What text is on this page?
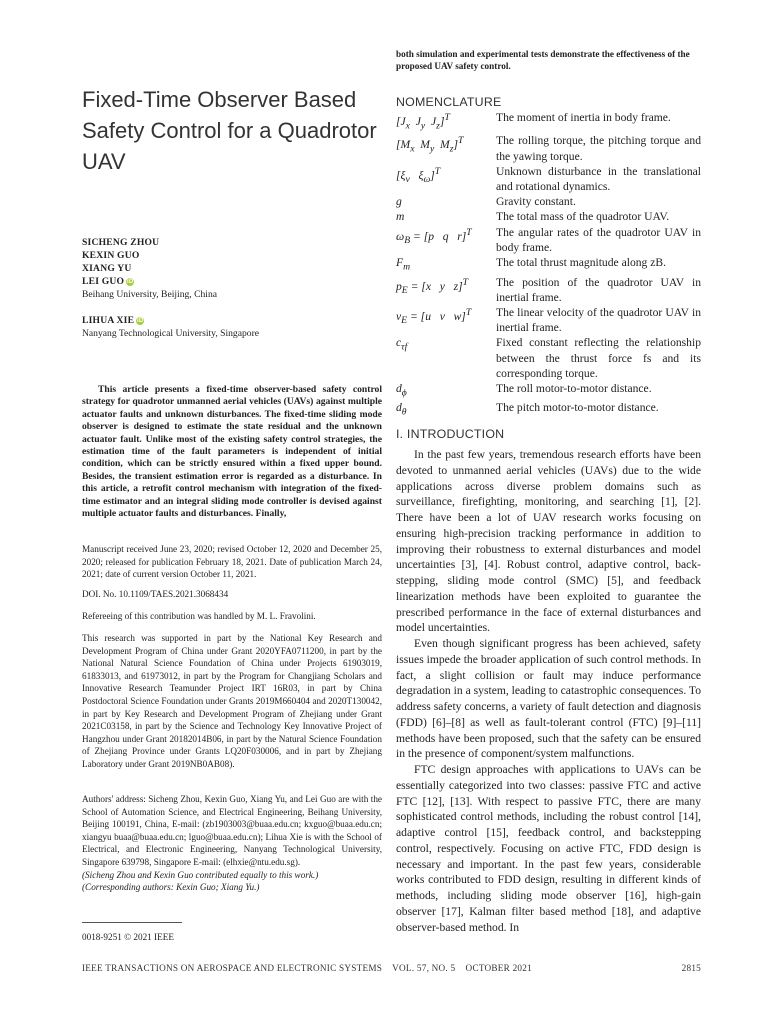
both simulation and experimental tests demonstrate the effectiveness of the proposed UAV safety control.
Fixed-Time Observer Based
Safety Control for a Quadrotor
UAV
SICHENG ZHOU
KEXIN GUO
XIANG YU
LEI GUO iD
Beihang University, Beijing, China
LIHUA XIE iD
Nanyang Technological University, Singapore

This article presents a fixed-time observer-based safety control strategy for quadrotor unmanned aerial vehicles (UAVs) against multiple actuator faults and unknown disturbances. The fixed-time sliding mode observer is designed to estimate the state residual and the unknown actuator fault. Unlike most of the existing safety control strategies, the estimation time of the fault parameters is independent of initial condition, which can be strictly ensured within a fixed upper bound. Besides, the transient estimation error is regarded as a disturbance. In this article, a retrofit control mechanism with integration of the fixed-time estimator and an integral sliding mode controller is devised against multiple actuator faults and disturbances. Finally,

Manuscript received June 23, 2020; revised October 12, 2020 and December 25, 2020; released for publication February 18, 2021. Date of publication March 24, 2021; date of current version October 11, 2021.

DOI. No. 10.1109/TAES.2021.3068434

Refereeing of this contribution was handled by M. L. Fravolini.

This research was supported in part by the National Key Research and Development Program of China under Grant 2020YFA0711200, in part by the National Natural Science Foundation of China under Projects 61903019, 61833013, and 61973012, in part by the Program for Changjiang Scholars and Innovative Research Teamunder Project IRT 16R03, in part by China Postdoctoral Science Foundation under Grants 2019M660404 and 2020T130042, in part by Key Research and Development Program of Zhejiang under Grant 2021C03158, in part by the Science and Technology Key Innovative Project of Hangzhou under Grant 20182014B06, in part by the Natural Science Foundation of Zhejiang Province under Grants LQ20F030006, and in part by Zhejiang Laboratory under Grant 2019NB0AB08).

Authors' address: Sicheng Zhou, Kexin Guo, Xiang Yu, and Lei Guo are with the School of Automation Science, and Electrical Engineering, Beihang University, Beijing 100191, China, E-mail: (zb1903003@buaa.edu.cn; kxguo@buaa.edu.cn; xiangyu buaa@buaa.edu.cn; lguo@buaa.edu.cn); Lihua Xie is with the School of Electrical, and Electronic Engineering, Nanyang Technological University, Singapore 639798, Singapore E-mail: (elhxie@ntu.edu.sg).

(Sicheng Zhou and Kexin Guo contributed equally to this work.)

(Corresponding authors: Kexin Guo; Xiang Yu.)

0018-9251 © 2021 IEEE

NOMENCLATURE
[$J_x$ $J_y$ $J_z]^T$	The moment of inertia in body frame.
[$M_x$ $M_y$ $M_z]^T$	The rolling torque, the pitching torque and the yawing torque.
[$\xi_v$   $\xi_\omega]^T$	Unknown disturbance in the translational and rotational dynamics.
g	Gravity constant.
m	The total mass of the quadrotor UAV.
$\omega_B = [p$ q r]$^T$	The angular rates of the quadrotor UAV in body frame.
$F_m$	The total thrust magnitude along zB.
$p_E = [x$ y z]$^T$	The position of the quadrotor UAV in inertial frame.
$v_E = [u$ v w]$^T$	The linear velocity of the quadrotor UAV in inertial frame.
$c_{\tau f}$	Fixed constant reflecting the relationship between the thrust force fs and its corresponding torque.
$d_\phi$	The roll motor-to-motor distance.
$d_\theta$	The pitch motor-to-motor distance.
I. INTRODUCTION

In the past few years, tremendous research efforts have been devoted to unmanned aerial vehicles (UAVs) due to the wide applications across diverse problem domains such as surveillance, firefighting, monitoring, and searching [1], [2]. There have been a lot of UAV research works focusing on ensuring high-precision tracking performance in addition to improving their robustness to external disturbances and model uncertainties [3], [4]. Robust control, adaptive control, back-stepping, sliding mode control (SMC) [5], and feedback linearization methods have been exploited to guarantee the prescribed performance in the face of external disturbances and model uncertainties.

Even though significant progress has been achieved, safety issues impede the broader application of such control methods. In fact, a slight collision or fault may induce performance degradation in a system, leading to catastrophic consequences. To address safety concerns, a variety of fault detection and diagnosis (FDD) [6]–[8] as well as fault-tolerant control (FTC) [9]–[11] methods have been proposed, such that the safety can be ensured in the presence of component/system malfunctions.

FTC design approaches with applications to UAVs can be essentially categorized into two classes: passive FTC and active FTC [12], [13]. With respect to passive FTC, there are many sophisticated control methods, including the robust control [14], adaptive control [15], feedback control, and backstepping control, respectively. Focusing on active FTC, FDD design is necessary and important. In the past few years, considerable works contributed to FDD design, resulting in different kinds of methods, including sliding mode observer [16], high-gain observer [17], Kalman filter based method [18], and adaptive observer-based method. In

IEEE TRANSACTIONS ON AEROSPACE AND ELECTRONIC SYSTEMS    VOL. 57, NO. 5    OCTOBER 2021	2815
